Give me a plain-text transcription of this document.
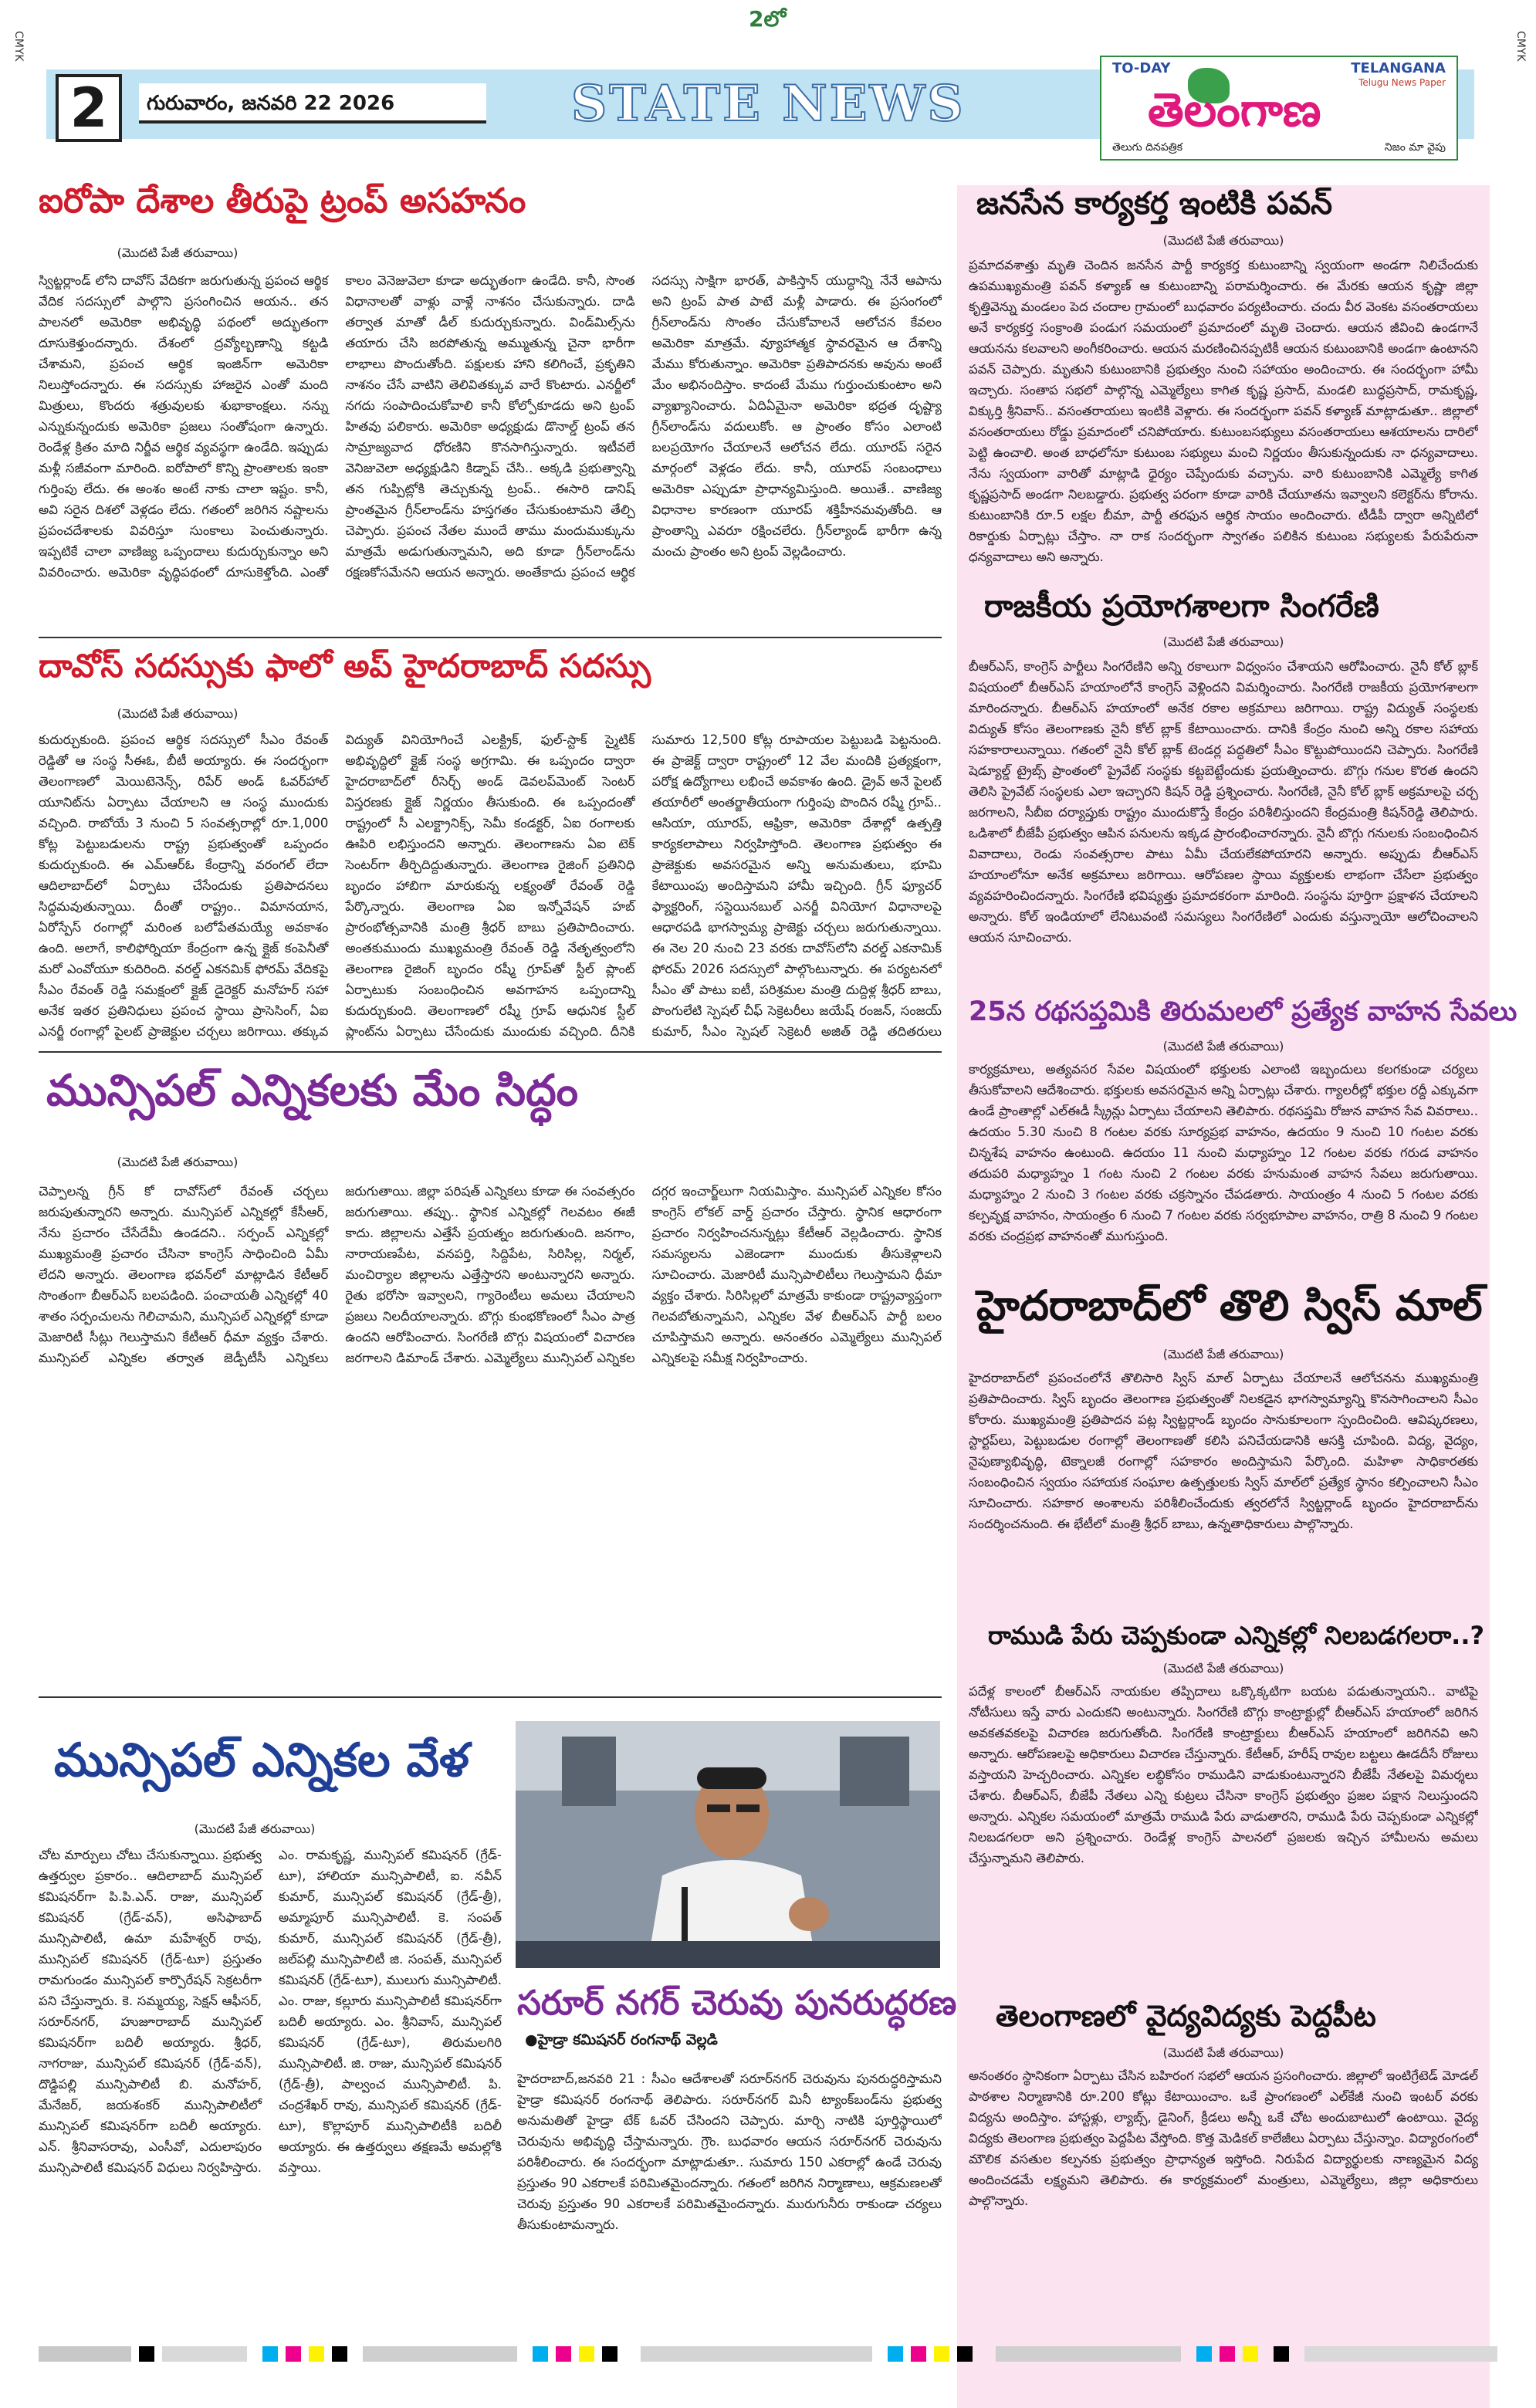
2లో
CMYK	CMYK
2	గురువారం, జనవరి 22 2026	STATE NEWS
TO-DAY	TELANGANA
Telugu News Paper
తెలంగాణ
తెలుగు దినపత్రిక	నిజం మా వైపు
ఐరోపా దేశాల తీరుపై ట్రంప్ అసహనం
(మొదటి పేజీ తరువాయి)
స్విట్జర్లాండ్ లోని దావోస్ వేదికగా జరుగుతున్న ప్రపంచ ఆర్థిక వేదిక సదస్సులో పాల్గొని ప్రసంగించిన ఆయన.. తన పాలనలో అమెరికా అభివృద్ధి పథంలో అద్భుతంగా దూసుకెళ్తుందన్నారు. దేశంలో ద్రవ్యోల్బణాన్ని కట్టడి చేశామని, ప్రపంచ ఆర్థిక ఇంజిన్‌గా అమెరికా నిలుస్తోందన్నారు. ఈ సదస్సుకు హాజరైన ఎంతో మంది మిత్రులు, కొందరు శత్రువులకు శుభాకాంక్షలు. నన్ను ఎన్నుకున్నందుకు అమెరికా ప్రజలు సంతోషంగా ఉన్నారు. రెండేళ్ల క్రితం మాది నిర్జీవ ఆర్థిక వ్యవస్థగా ఉండేది. ఇప్పుడు మళ్లీ సజీవంగా మారింది. ఐరోపాలో కొన్ని ప్రాంతాలకు ఇంకా గుర్తింపు లేదు. ఈ అంశం అంటే నాకు చాలా ఇష్టం. కానీ, అవి సరైన దిశలో వెళ్లడం లేదు. గతంలో జరిగిన నష్టాలను ప్రపంచదేశాలకు వివరిస్తూ సుంకాలు పెంచుతున్నారు. ఇప్పటికే చాలా వాణిజ్య ఒప్పందాలు కుదుర్చుకున్నాం అని వివరించారు. అమెరికా వృద్ధిపథంలో దూసుకెళ్తోంది. ఎంతో కాలం వెనెజువెలా కూడా అద్భుతంగా ఉండేది. కానీ, సొంత విధానాలతో వాళ్లు వాళ్లే నాశనం చేసుకున్నారు. దాడి తర్వాత మాతో డీల్ కుదుర్చుకున్నారు. విండ్‌మిల్స్‌ను తయారు చేసి జరపోతున్న అమ్ముతున్న చైనా భారీగా లాభాలు పొందుతోంది. పక్షులకు హాని కలిగించే, ప్రకృతిని నాశనం చేసే వాటిని తెలివితక్కువ వారే కొంటారు. ఎనర్జీలో నగదు సంపాదించుకోవాలి కానీ కోల్పోకూడదు అని ట్రంప్ హితవు పలికారు. అమెరికా అధ్యక్షుడు డొనాల్డ్ ట్రంప్ తన సామ్రాజ్యవాద ధోరణిని కొనసాగిస్తున్నారు. ఇటీవలే వెనిజువెలా అధ్యక్షుడిని కిడ్నాప్ చేసి.. అక్కడి ప్రభుత్వాన్ని తన గుప్పిట్లోకి తెచ్చుకున్న ట్రంప్.. ఈసారి డానిష్ ప్రాంతమైన గ్రీన్‌లాండ్‌ను హస్తగతం చేసుకుంటామని తేల్చి చెప్పారు. ప్రపంచ నేతల ముందే తాము మందుముక్కును మాత్రమే అడుగుతున్నామని, అది కూడా గ్రీన్‌లాండ్‌ను రక్షణకోసమేనని ఆయన అన్నారు. అంతేకాదు ప్రపంచ ఆర్థిక సదస్సు సాక్షిగా భారత్, పాకిస్తాన్ యుద్ధాన్ని నేనే ఆపాను అని ట్రంప్ పాత పాటే మళ్లీ పాడారు. ఈ ప్రసంగంలో గ్రీన్‌లాండ్‌ను సొంతం చేసుకోవాలనే ఆలోచన కేవలం అమెరికా మాత్రమే. వ్యూహాత్మక స్థావరమైన ఆ దేశాన్ని మేము కోరుతున్నాం. అమెరికా ప్రతిపాదనకు అవును అంటే మేం అభినందిస్తాం. కాదంటే మేము గుర్తుంచుకుంటాం అని వ్యాఖ్యానించారు. ఏదిఏమైనా అమెరికా భద్రత దృష్ట్యా గ్రీన్‌లాండ్‌ను వదులుకోం. ఆ ప్రాంతం కోసం ఎలాంటి బలప్రయోగం చేయాలనే ఆలోచన లేదు. యూరప్ సరైన మార్గంలో వెళ్లడం లేదు. కానీ, యూరప్ సంబంధాలు అమెరికా ఎప్పుడూ ప్రాధాన్యమిస్తుంది. అయితే.. వాణిజ్య విధానాల కారణంగా యూరప్ శక్తిహీనమవుతోంది. ఆ ప్రాంతాన్ని ఎవరూ రక్షించలేరు. గ్రీన్‌ల్యాండ్ భారీగా ఉన్న మంచు ప్రాంతం అని ట్రంప్ వెల్లడించారు.
దావోస్ సదస్సుకు ఫాలో అప్ హైదరాబాద్ సదస్సు
(మొదటి పేజీ తరువాయి)
కుదుర్చుకుంది. ప్రపంచ ఆర్థిక సదస్సులో సీఎం రేవంత్ రెడ్డితో ఆ సంస్థ సీఈఓ, బీటీ అయ్యారు. ఈ సందర్భంగా తెలంగాణలో మెయిటెనెన్స్, రిపేర్ అండ్ ఓవర్‌హాల్ యూనిట్‌ను ఏర్పాటు చేయాలని ఆ సంస్థ ముందుకు వచ్చింది. రాబోయే 3 నుంచి 5 సంవత్సరాల్లో రూ.1,000 కోట్ల పెట్టుబడులను రాష్ట్ర ప్రభుత్వంతో ఒప్పందం కుదుర్చుకుంది. ఈ ఎమ్ఆర్‌ఓ కేంద్రాన్ని వరంగల్ లేదా ఆదిలాబాద్‌లో ఏర్పాటు చేసేందుకు ప్రతిపాదనలు సిద్ధమవుతున్నాయి. దీంతో రాష్ట్రం.. విమానయాన, ఏరోస్పేస్ రంగాల్లో మరింత బలోపేతమయ్యే అవకాశం ఉంది. అలాగే, కాలిఫోర్నియా కేంద్రంగా ఉన్న క్లైజ్ కంపెనీతో మరో ఎంవోయూ కుదిరింది. వరల్డ్ ఎకనమిక్ ఫోరమ్ వేదికపై సీఎం రేవంత్ రెడ్డి సమక్షంలో క్లైజ్ డైరెక్టర్ మనోహర్ సహా అనేక ఇతర ప్రతినిధులు ప్రపంచ స్థాయి ప్రాసెసింగ్, ఏఐ ఎనర్జీ రంగాల్లో పైలట్ ప్రాజెక్టుల చర్చలు జరిగాయి. తక్కువ విద్యుత్ వినియోగించే ఎలక్ట్రిక్, ఫుల్-స్టాక్ స్మైటిక్ అభివృద్ధిలో క్లైజ్ సంస్థ అగ్రగామి. ఈ ఒప్పందం ద్వారా హైదరాబాద్‌లో రీసెర్చ్ అండ్ డెవలప్‌మెంట్ సెంటర్ విస్తరణకు క్లైజ్ నిర్ణయం తీసుకుంది. ఈ ఒప్పందంతో రాష్ట్రంలో సీ ఎలక్ట్రానిక్స్, సెమీ కండక్టర్, ఏఐ రంగాలకు ఊపిరి లభిస్తుందని అన్నారు. తెలంగాణను ఏఐ టెక్ సెంటర్‌గా తీర్చిదిద్దుతున్నారు. తెలంగాణ రైజింగ్ ప్రతినిధి బృందం హాబిగా మారుకున్న లక్ష్యంతో రేవంత్ రెడ్డి పేర్కొన్నారు. తెలంగాణ ఏఐ ఇన్నోవేషన్ హబ్ ప్రారంభోత్సవానికి మంత్రి శ్రీధర్ బాబు ప్రతిపాదించారు. అంతకుముందు ముఖ్యమంత్రి రేవంత్ రెడ్డి నేతృత్వంలోని తెలంగాణ రైజింగ్ బృందం రష్మీ గ్రూప్‌తో స్టీల్ ప్లాంట్ ఏర్పాటుకు సంబంధించిన అవగాహన ఒప్పందాన్ని కుదుర్చుకుంది. తెలంగాణలో రష్మీ గ్రూప్ ఆధునిక స్టీల్ ప్లాంట్‌ను ఏర్పాటు చేసేందుకు ముందుకు వచ్చింది. దీనికి సుమారు 12,500 కోట్ల రూపాయల పెట్టుబడి పెట్టనుంది. ఈ ప్రాజెక్ట్ ద్వారా రాష్ట్రంలో 12 వేల మందికి ప్రత్యక్షంగా, పరోక్ష ఉద్యోగాలు లభించే అవకాశం ఉంది. డ్రైవ్ అనే పైలట్ తయారీలో అంతర్జాతీయంగా గుర్తింపు పొందిన రష్మీ గ్రూప్.. ఆసియా, యూరప్, ఆఫ్రికా, అమెరికా దేశాల్లో ఉత్పత్తి కార్యకలాపాలు నిర్వహిస్తోంది. తెలంగాణ ప్రభుత్వం ఈ ప్రాజెక్టుకు అవసరమైన అన్ని అనుమతులు, భూమి కేటాయింపు అందిస్తామని హామీ ఇచ్చింది. గ్రీన్ ఫ్యూచర్ ఫ్యాక్టరింగ్, సస్టెయినబుల్ ఎనర్జీ వినియోగ విధానాలపై ఆధారపడి భాగస్వామ్య ప్రాజెక్టు చర్చలు జరుగుతున్నాయి. ఈ నెల 20 నుంచి 23 వరకు దావోస్‌లోని వరల్డ్ ఎకనామిక్ ఫోరమ్ 2026 సదస్సులో పాల్గొంటున్నారు. ఈ పర్యటనలో సీఎం తో పాటు ఐటీ, పరిశ్రమల మంత్రి దుద్దిళ్ల శ్రీధర్ బాబు, పొంగులేటి స్పెషల్ చీఫ్ సెక్రెటరీలు జయేష్ రంజన్, సంజయ్ కుమార్, సీఎం స్పెషల్ సెక్రెటరీ అజిత్ రెడ్డి తదితరులు
మున్సిపల్ ఎన్నికలకు మేం సిద్ధం
(మొదటి పేజీ తరువాయి)
చెప్పాలన్న గ్రీన్ కో దావోస్‌లో రేవంత్ చర్చలు జరుపుతున్నారని అన్నారు. మున్సిపల్ ఎన్నికల్లో కేసీఆర్, నేను ప్రచారం చేసేదేమీ ఉండదని.. సర్పంచ్ ఎన్నికల్లో ముఖ్యమంత్రి ప్రచారం చేసినా కాంగ్రెస్ సాధించింది ఏమీ లేదని అన్నారు. తెలంగాణ భవన్‌లో మాట్లాడిన కేటీఆర్ సొంతంగా బీఆర్ఎస్ బలపడింది. పంచాయతీ ఎన్నికల్లో 40 శాతం సర్పంచులను గెలిచామని, మున్సిపల్ ఎన్నికల్లో కూడా మెజారిటీ సీట్లు గెలుస్తామని కేటీఆర్ ధీమా వ్యక్తం చేశారు. మున్సిపల్ ఎన్నికల తర్వాత జెడ్పీటీసీ ఎన్నికలు జరుగుతాయి. జిల్లా పరిషత్ ఎన్నికలు కూడా ఈ సంవత్సరం జరుగుతాయి. తప్పు.. స్థానిక ఎన్నికల్లో గెలవటం ఈజీ కాదు. జిల్లాలను ఎత్తేసే ప్రయత్నం జరుగుతుంది. జనగాం, నారాయణపేట, వనపర్తి, సిద్దిపేట, సిరిసిల్ల, నిర్మల్, మంచిర్యాల జిల్లాలను ఎత్తేస్తారని అంటున్నారని అన్నారు. రైతు భరోసా ఇవ్వాలని, గ్యారెంటీలు అమలు చేయాలని ప్రజలు నిలదీయాలన్నారు. బొగ్గు కుంభకోణంలో సీఎం పాత్ర ఉందని ఆరోపించారు. సింగరేణి బొగ్గు విషయంలో విచారణ జరగాలని డిమాండ్ చేశారు. ఎమ్మెల్యేలు మున్సిపల్ ఎన్నికల దగ్గర ఇంచార్జ్‌లుగా నియమిస్తాం. మున్సిపల్ ఎన్నికల కోసం కాంగ్రెస్ లోకల్ వార్డ్ ప్రచారం చేస్తారు. స్థానిక ఆధారంగా ప్రచారం నిర్వహించనున్నట్లు కేటీఆర్ వెల్లడించారు. స్థానిక సమస్యలను ఎజెండాగా ముందుకు తీసుకెళ్లాలని సూచించారు. మెజారిటీ మున్సిపాలిటీలు గెలుస్తామని ధీమా వ్యక్తం చేశారు. సిరిసిల్లలో మాత్రమే కాకుండా రాష్ట్రవ్యాప్తంగా గెలవబోతున్నామని, ఎన్నికల వేళ బీఆర్ఎస్ పార్టీ బలం చూపిస్తామని అన్నారు. అనంతరం ఎమ్మెల్యేలు మున్సిపల్ ఎన్నికలపై సమీక్ష నిర్వహించారు.
మున్సిపల్ ఎన్నికల వేళ
(మొదటి పేజీ తరువాయి)
చోట మార్పులు చోటు చేసుకున్నాయి. ప్రభుత్వ ఉత్తర్వుల ప్రకారం.. ఆదిలాబాద్ మున్సిపల్ కమిషనర్‌గా పి.పి.ఎన్. రాజు, మున్సిపల్ కమిషనర్ (గ్రేడ్-వన్), అసిఫాబాద్ మున్సిపాలిటీ, ఉమా మహేశ్వర్ రావు, మున్సిపల్ కమిషనర్ (గ్రేడ్-టూ) ప్రస్తుతం రామగుండం మున్సిపల్ కార్పొరేషన్ సెక్రటరీగా పని చేస్తున్నారు. కె. సమ్మయ్య, సెక్షన్ ఆఫీసర్, సరూర్‌నగర్, హుజూరాబాద్ మున్సిపల్ కమిషనర్‌గా బదిలీ అయ్యారు. శ్రీధర్, నాగరాజు, మున్సిపల్ కమిషనర్ (గ్రేడ్-వన్), దొడ్డిపల్లి మున్సిపాలిటీ బి. మనోహర్, మేనేజర్, జయశంకర్ మున్సిపాలిటీలో మున్సిపల్ కమిషనర్‌గా బదిలీ అయ్యారు. ఎన్. శ్రీనివాసరావు, ఎంసీవో, ఎదులాపురం మున్సిపాలిటీ కమిషనర్ విధులు నిర్వహిస్తారు. ఎం. రామకృష్ణ, మున్సిపల్ కమిషనర్ (గ్రేడ్-టూ), హాలియా మున్సిపాలిటీ, ఐ. నవీన్ కుమార్, మున్సిపల్ కమిషనర్ (గ్రేడ్-త్రీ), అమ్మాపూర్ మున్సిపాలిటీ. కె. సంపత్ కుమార్, మున్సిపల్ కమిషనర్ (గ్రేడ్-త్రీ), జల్‌పల్లి మున్సిపాలిటీ జి. సంపత్, మున్సిపల్ కమిషనర్ (గ్రేడ్-టూ), ములుగు మున్సిపాలిటీ. ఎం. రాజు, కల్లూరు మున్సిపాలిటీ కమిషనర్‌గా బదిలీ అయ్యారు. ఎం. శ్రీనివాస్, మున్సిపల్ కమిషనర్ (గ్రేడ్-టూ), తిరుమలగిరి మున్సిపాలిటీ. జి. రాజు, మున్సిపల్ కమిషనర్ (గ్రేడ్-త్రీ), పాల్వంచ మున్సిపాలిటీ. పి. చంద్రశేఖర్ రావు, మున్సిపల్ కమిషనర్ (గ్రేడ్-టూ), కొల్లాపూర్ మున్సిపాలిటీకి బదిలీ అయ్యారు. ఈ ఉత్తర్వులు తక్షణమే అమల్లోకి వస్తాయి.
సరూర్ నగర్ చెరువు పునరుద్ధరణ
●హైడ్రా కమిషనర్ రంగనాథ్ వెల్లడి
హైదరాబాద్,జనవరి 21 : సీఎం ఆదేశాలతో సరూర్‌నగర్ చెరువును పునరుద్ధరిస్తామని హైడ్రా కమిషనర్ రంగనాథ్ తెలిపారు. సరూర్‌నగర్ మినీ ట్యాంక్‌బండ్‌ను ప్రభుత్వ అనుమతితో హైడ్రా టేక్ ఓవర్ చేసిందని చెప్పారు. మార్చి నాటికి పూర్తిస్థాయిలో చెరువును అభివృద్ధి చేస్తామన్నారు. గ్రౌం. బుధవారం ఆయన సరూర్‌నగర్ చెరువును పరిశీలించారు. ఈ సందర్భంగా మాట్లాడుతూ.. సుమారు 150 ఎకరాల్లో ఉండే చెరువు ప్రస్తుతం 90 ఎకరాలకే పరిమితమైందన్నారు. గతంలో జరిగిన నిర్మాణాలు, ఆక్రమణలతో చెరువు ప్రస్తుతం 90 ఎకరాలకే పరిమితమైందన్నారు. మురుగునీరు రాకుండా చర్యలు తీసుకుంటామన్నారు.
జనసేన కార్యకర్త ఇంటికి పవన్
(మొదటి పేజీ తరువాయి)
ప్రమాదవశాత్తు మృతి చెందిన జనసేన పార్టీ కార్యకర్త కుటుంబాన్ని స్వయంగా అండగా నిలిచేందుకు ఉపముఖ్యమంత్రి పవన్ కళ్యాణ్ ఆ కుటుంబాన్ని పరామర్శించారు. ఈ మేరకు ఆయన కృష్ణా జిల్లా కృత్తివెన్ను మండలం పెద చందాల గ్రామంలో బుధవారం పర్యటించారు. చందు వీర వెంకట వసంతరాయలు అనే కార్యకర్త సంక్రాంతి పండుగ సమయంలో ప్రమాదంలో మృతి చెందారు. ఆయన జీవించి ఉండగానే ఆయనను కలవాలని అంగీకరించారు. ఆయన మరణించినప్పటికీ ఆయన కుటుంబానికి అండగా ఉంటానని పవన్ చెప్పారు. మృతుని కుటుంబానికి ప్రభుత్వం నుంచి సహాయం అందించారు. ఈ సందర్భంగా హామీ ఇచ్చారు. సంతాప సభలో పాల్గొన్న ఎమ్మెల్యేలు కాగిత కృష్ణ ప్రసాద్, మండలి బుద్ధప్రసాద్, రామకృష్ణ, విక్కుర్తి శ్రీనివాస్.. వసంతరాయలు ఇంటికి వెళ్లారు. ఈ సందర్భంగా పవన్ కళ్యాణ్ మాట్లాడుతూ.. జిల్లాలో వసంతరాయలు రోడ్డు ప్రమాదంలో చనిపోయారు. కుటుంబసభ్యులు వసంతరాయలు ఆశయాలను దారిలో పెట్టి ఉంచాలి. అంత బాధలోనూ కుటుంబ సభ్యులు మంచి నిర్ణయం తీసుకున్నందుకు నా ధన్యవాదాలు. నేను స్వయంగా వారితో మాట్లాడి ధైర్యం చెప్పేందుకు వచ్చాను. వారి కుటుంబానికి ఎమ్మెల్యే కాగిత కృష్ణప్రసాద్ అండగా నిలబడ్డారు. ప్రభుత్వ పరంగా కూడా వారికి చేయూతను ఇవ్వాలని కలెక్టర్‌ను కోరాను. కుటుంబానికి రూ.5 లక్షల బీమా, పార్టీ తరఫున ఆర్థిక సాయం అందించారు. టీడీపీ ద్వారా అన్నిటిలో రికార్డుకు ఏర్పాట్లు చేస్తాం. నా రాక సందర్భంగా స్వాగతం పలికిన కుటుంబ సభ్యులకు పేరుపేరునా ధన్యవాదాలు అని అన్నారు.
రాజకీయ ప్రయోగశాలగా సింగరేణి
(మొదటి పేజీ తరువాయి)
బీఆర్ఎస్, కాంగ్రెస్ పార్టీలు సింగరేణిని అన్ని రకాలుగా విధ్వంసం చేశాయని ఆరోపించారు. నైనీ కోల్ బ్లాక్ విషయంలో బీఆర్ఎస్ హయాంలోనే కాంగ్రెస్ వెళ్లిందని విమర్శించారు. సింగరేణి రాజకీయ ప్రయోగశాలగా మారిందన్నారు. బీఆర్ఎస్ హయాంలో అనేక రకాల అక్రమాలు జరిగాయి. రాష్ట్ర విద్యుత్ సంస్థలకు విద్యుత్ కోసం తెలంగాణకు నైనీ కోల్ బ్లాక్ కేటాయించారు. దానికి కేంద్రం నుంచి అన్ని రకాల సహాయ సహకారాలున్నాయి. గతంలో నైనీ కోల్ బ్లాక్ టెండర్ల పద్ధతిలో సీఎం కొట్టుపోయిందని చెప్పారు. సింగరేణి షెడ్యూల్డ్ ట్రైబ్స్ ప్రాంతంలో ప్రైవేట్ సంస్థకు కట్టబెట్టేందుకు ప్రయత్నించారు. బొగ్గు గనుల కొరత ఉందని తెలిసి ప్రైవేట్ సంస్థలకు ఎలా ఇచ్చారని కిషన్ రెడ్డి ప్రశ్నించారు. సింగరేణి, నైనీ కోల్ బ్లాక్ అక్రమాలపై చర్చ జరగాలని, సీబీఐ దర్యాప్తుకు రాష్ట్రం ముందుకొస్తే కేంద్రం పరిశీలిస్తుందని కేంద్రమంత్రి కిషన్‌రెడ్డి తెలిపారు. ఒడిశాలో బీజేపీ ప్రభుత్వం ఆపిన పనులను ఇక్కడ ప్రారంభించారన్నారు. నైనీ బొగ్గు గనులకు సంబంధించిన వివాదాలు, రెండు సంవత్సరాల పాటు ఏమీ చేయలేకపోయారని అన్నారు. అప్పుడు బీఆర్ఎస్ హయాంలోనూ అనేక అక్రమాలు జరిగాయి. ఆరోపణల స్థాయి వ్యక్తులకు లాభంగా చేసేలా ప్రభుత్వం వ్యవహరించిందన్నారు. సింగరేణి భవిష్యత్తు ప్రమాదకరంగా మారింది. సంస్థను పూర్తిగా ప్రక్షాళన చేయాలని అన్నారు. కోల్ ఇండియాలో లేనిటువంటి సమస్యలు సింగరేణిలో ఎందుకు వస్తున్నాయో ఆలోచించాలని ఆయన సూచించారు.
25న రథసప్తమికి తిరుమలలో ప్రత్యేక వాహన సేవలు
(మొదటి పేజీ తరువాయి)
కార్యక్రమాలు, అత్యవసర సేవల విషయంలో భక్తులకు ఎలాంటి ఇబ్బందులు కలగకుండా చర్యలు తీసుకోవాలని ఆదేశించారు. భక్తులకు అవసరమైన అన్ని ఏర్పాట్లు చేశారు. గ్యాలరీల్లో భక్తుల రద్దీ ఎక్కువగా ఉండే ప్రాంతాల్లో ఎల్‌ఈడీ స్క్రీన్లు ఏర్పాటు చేయాలని తెలిపారు. రథసప్తమి రోజున వాహన సేవ వివరాలు.. ఉదయం 5.30 నుంచి 8 గంటల వరకు సూర్యప్రభ వాహనం, ఉదయం 9 నుంచి 10 గంటల వరకు చిన్నశేష వాహనం ఉంటుంది. ఉదయం 11 నుంచి మధ్యాహ్నం 12 గంటల వరకు గరుడ వాహనం తదుపరి మధ్యాహ్నం 1 గంట నుంచి 2 గంటల వరకు హనుమంత వాహన సేవలు జరుగుతాయి. మధ్యాహ్నం 2 నుంచి 3 గంటల వరకు చక్రస్నానం చేపడతారు. సాయంత్రం 4 నుంచి 5 గంటల వరకు కల్పవృక్ష వాహనం, సాయంత్రం 6 నుంచి 7 గంటల వరకు సర్వభూపాల వాహనం, రాత్రి 8 నుంచి 9 గంటల వరకు చంద్రప్రభ వాహనంతో ముగుస్తుంది.
హైదరాబాద్‌లో తొలి స్విస్ మాల్
(మొదటి పేజీ తరువాయి)
హైదరాబాద్‌లో ప్రపంచంలోనే తొలిసారి స్విస్ మాల్ ఏర్పాటు చేయాలనే ఆలోచనను ముఖ్యమంత్రి ప్రతిపాదించారు. స్విస్ బృందం తెలంగాణ ప్రభుత్వంతో నిలకడైన భాగస్వామ్యాన్ని కొనసాగించాలని సీఎం కోరారు. ముఖ్యమంత్రి ప్రతిపాదన పట్ల స్విట్జర్లాండ్ బృందం సానుకూలంగా స్పందించింది. ఆవిష్కరణలు, స్టార్టప్‌లు, పెట్టుబడుల రంగాల్లో తెలంగాణతో కలిసి పనిచేయడానికి ఆసక్తి చూపింది. విద్య, వైద్యం, నైపుణ్యాభివృద్ధి, టెక్నాలజీ రంగాల్లో సహకారం అందిస్తామని పేర్కొంది. మహిళా సాధికారతకు సంబంధించిన స్వయం సహాయక సంఘాల ఉత్పత్తులకు స్విస్ మాల్‌లో ప్రత్యేక స్థానం కల్పించాలని సీఎం సూచించారు. సహకార అంశాలను పరిశీలించేందుకు త్వరలోనే స్విట్జర్లాండ్ బృందం హైదరాబాద్‌ను సందర్శించనుంది. ఈ భేటీలో మంత్రి శ్రీధర్ బాబు, ఉన్నతాధికారులు పాల్గొన్నారు.
రాముడి పేరు చెప్పకుండా ఎన్నికల్లో నిలబడగలరా..?
(మొదటి పేజీ తరువాయి)
పదేళ్ల కాలంలో బీఆర్ఎస్ నాయకుల తప్పిదాలు ఒక్కొక్కటిగా బయట పడుతున్నాయని.. వాటిపై నోటీసులు ఇస్తే వారు ఎందుకని అంటున్నారు. సింగరేణి బొగ్గు కాంట్రాక్టుల్లో బీఆర్ఎస్ హయాంలో జరిగిన అవకతవకలపై విచారణ జరుగుతోంది. సింగరేణి కాంట్రాక్టులు బీఆర్ఎస్ హయాంలో జరిగినవి అని అన్నారు. ఆరోపణలపై అధికారులు విచారణ చేస్తున్నారు. కేటీఆర్, హరీష్ రావుల బట్టలు ఊడదీసే రోజులు వస్తాయని హెచ్చరించారు. ఎన్నికల లబ్ధికోసం రాముడిని వాడుకుంటున్నారని బీజేపీ నేతలపై విమర్శలు చేశారు. బీఆర్ఎస్, బీజేపీ నేతలు ఎన్ని కుట్రలు చేసినా కాంగ్రెస్ ప్రభుత్వం ప్రజల పక్షాన నిలుస్తుందని అన్నారు. ఎన్నికల సమయంలో మాత్రమే రాముడి పేరు వాడుతారని, రాముడి పేరు చెప్పకుండా ఎన్నికల్లో నిలబడగలరా అని ప్రశ్నించారు. రెండేళ్ల కాంగ్రెస్ పాలనలో ప్రజలకు ఇచ్చిన హామీలను అమలు చేస్తున్నామని తెలిపారు.
తెలంగాణలో వైద్యవిద్యకు పెద్దపీట
(మొదటి పేజీ తరువాయి)
అనంతరం స్థానికంగా ఏర్పాటు చేసిన బహిరంగ సభలో ఆయన ప్రసంగించారు. జిల్లాలో ఇంటిగ్రేటెడ్ మోడల్ పాఠశాల నిర్మాణానికి రూ.200 కోట్లు కేటాయించాం. ఒకే ప్రాంగణంలో ఎల్‌కేజీ నుంచి ఇంటర్ వరకు విద్యను అందిస్తాం. హాస్టళ్లు, ల్యాబ్స్, డైనింగ్, క్రీడలు అన్నీ ఒకే చోట అందుబాటులో ఉంటాయి. వైద్య విద్యకు తెలంగాణ ప్రభుత్వం పెద్దపీట వేస్తోంది. కొత్త మెడికల్ కాలేజీలు ఏర్పాటు చేస్తున్నాం. విద్యారంగంలో మౌలిక వసతుల కల్పనకు ప్రభుత్వం ప్రాధాన్యత ఇస్తోంది. నిరుపేద విద్యార్థులకు నాణ్యమైన విద్య అందించడమే లక్ష్యమని తెలిపారు. ఈ కార్యక్రమంలో మంత్రులు, ఎమ్మెల్యేలు, జిల్లా అధికారులు పాల్గొన్నారు.
